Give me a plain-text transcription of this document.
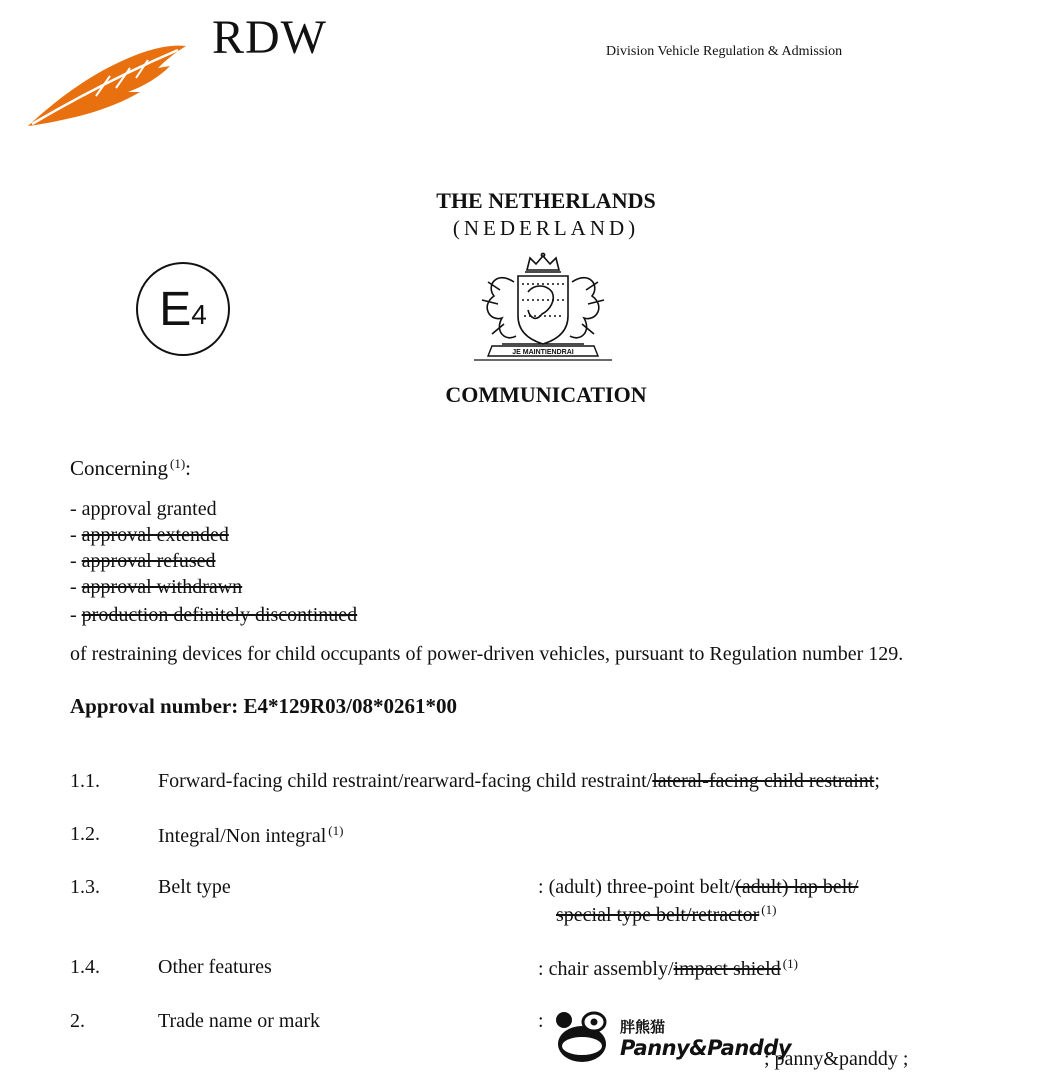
RDW	Division Vehicle Regulation & Admission
THE NETHERLANDS
(NEDERLAND)
E 4
JE MAINTIENDRAI
COMMUNICATION
Concerning $^{(1)}$:
- approval granted
- approval extended
- approval refused
- approval withdrawn
- production definitely discontinued
of restraining devices for child occupants of power-driven vehicles, pursuant to Regulation number 129.
Approval number: E4*129R03/08*0261*00
1.1.	Forward-facing child restraint/rearward-facing child restraint/lateral-facing child restraint;
1.2.	Integral/Non integral $^{(1)}$
1.3.	Belt type	: (adult) three-point belt/(adult) lap belt/
special type belt/retractor $^{(1)}$
1.4.	Other features	: chair assembly/impact shield $^{(1)}$
2.	Trade name or mark	:	胖熊猫
Panny&Panddy
; panny&panddy ;
